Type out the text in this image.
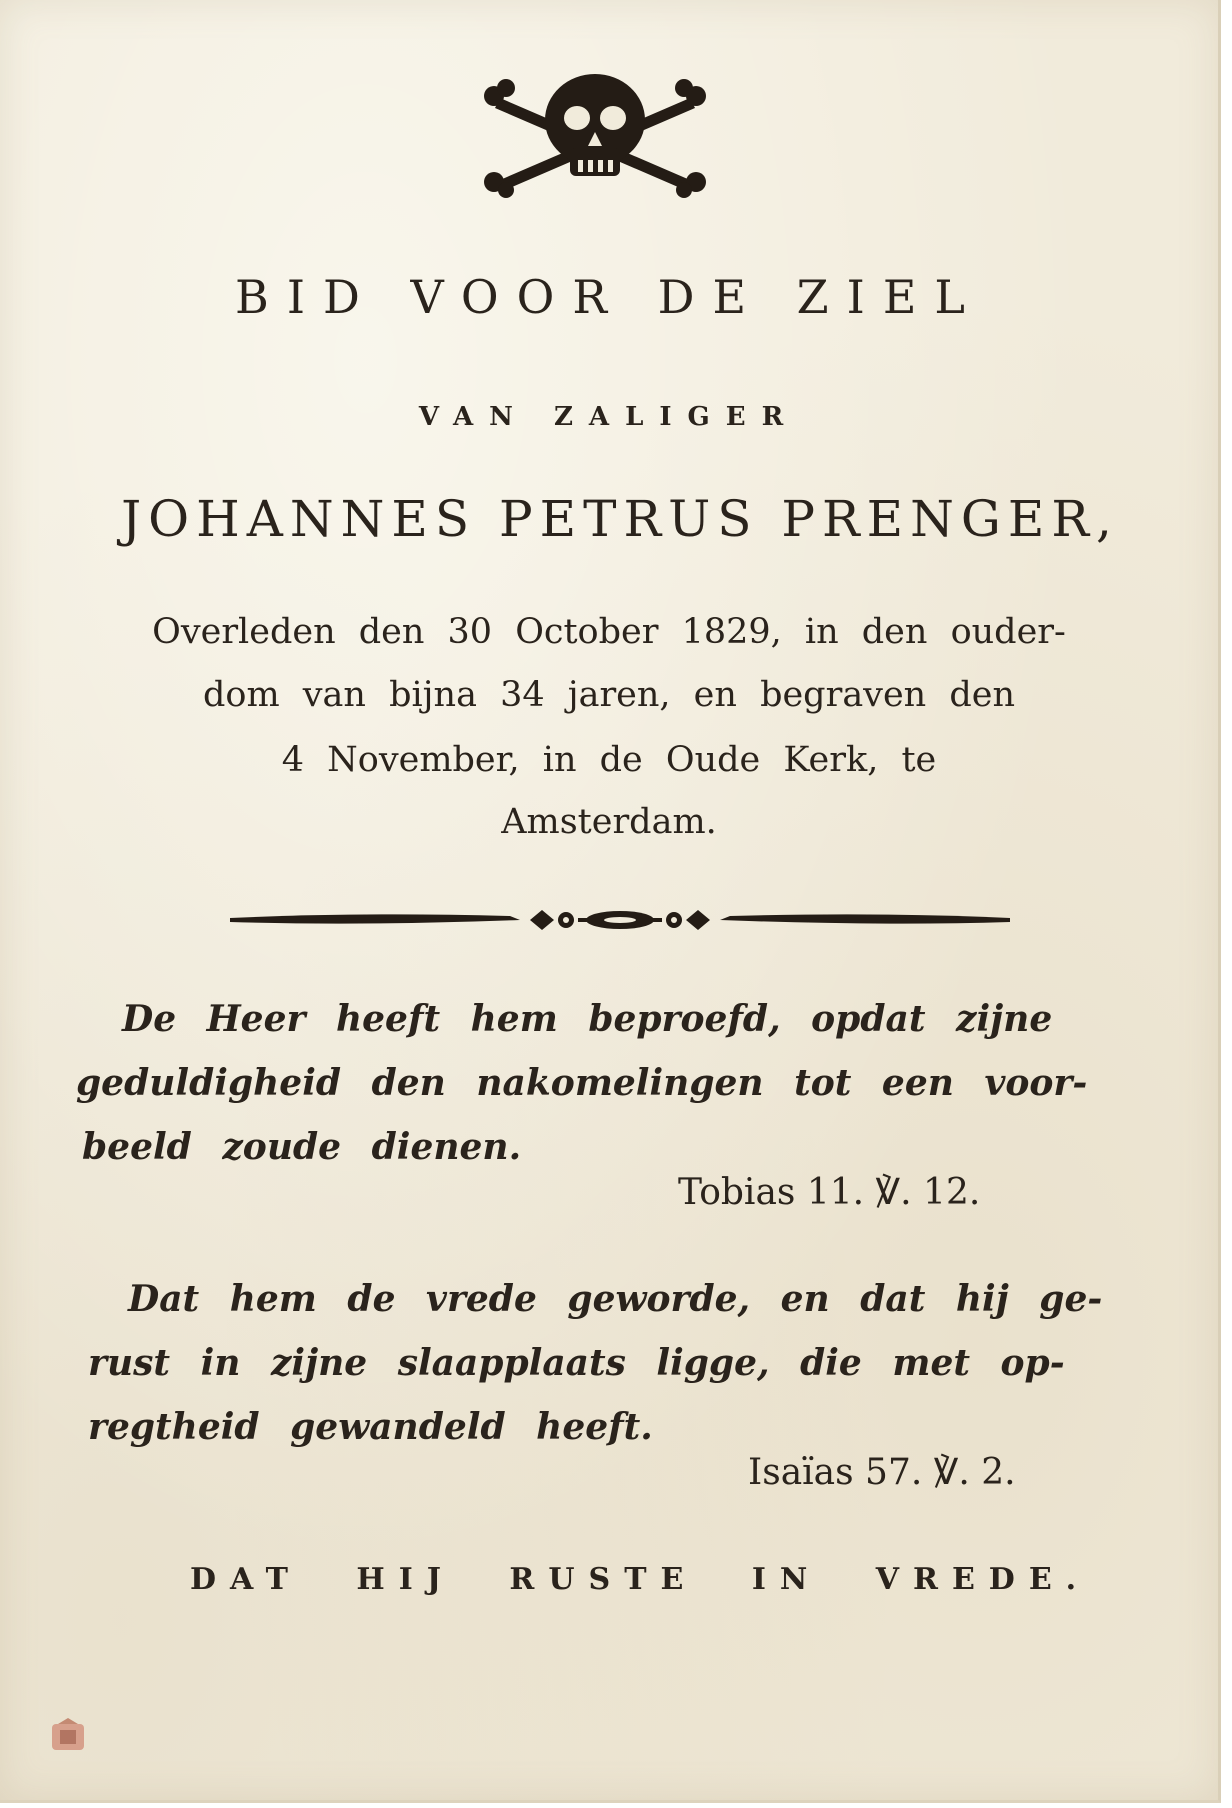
BID VOOR DE ZIEL
VAN ZALIGER
JOHANNES PETRUS PRENGER,
Overleden den 30 October 1829, in den ouder-
dom van bijna 34 jaren, en begraven den
4 November, in de Oude Kerk, te
Amsterdam.
De Heer heeft hem beproefd, opdat zijne
geduldigheid den nakomelingen tot een voor-
beeld zoude dienen.
Tobias 11. ℣. 12.
Dat hem de vrede geworde, en dat hij ge-
rust in zijne slaapplaats ligge, die met op-
regtheid gewandeld heeft.
Isaïas 57. ℣. 2.
DAT HIJ RUSTE IN VREDE.
